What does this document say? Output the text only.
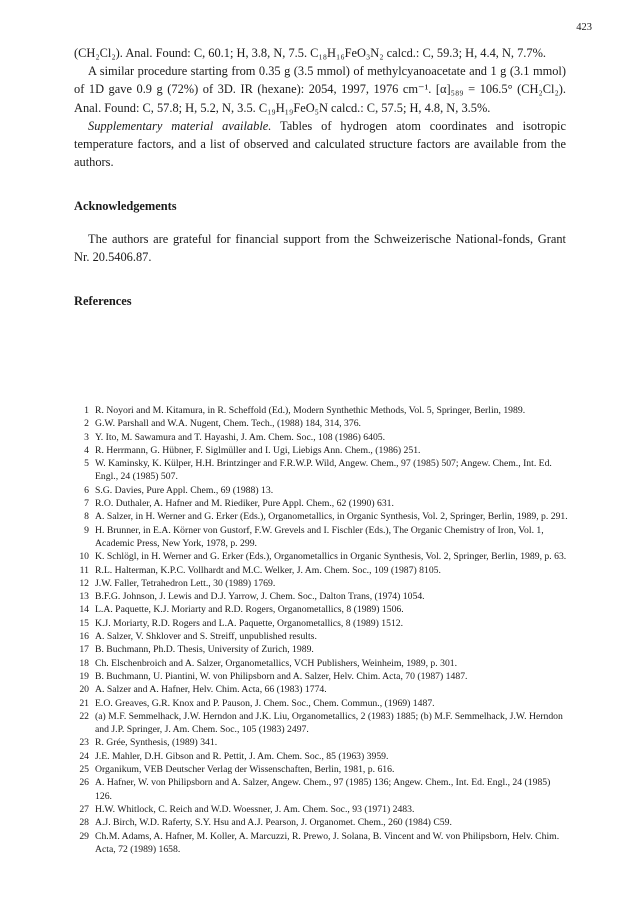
423

(CH₂Cl₂). Anal. Found: C, 60.1; H, 3.8, N, 7.5. C₁₈H₁₆FeO₃N₂ calcd.: C, 59.3; H, 4.4, N, 7.7%.

A similar procedure starting from 0.35 g (3.5 mmol) of methylcyanoacetate and 1 g (3.1 mmol) of 1D gave 0.9 g (72%) of 3D. IR (hexane): 2054, 1997, 1976 cm⁻¹. [α]₅₈₉ = 106.5° (CH₂Cl₂). Anal. Found: C, 57.8; H, 5.2, N, 3.5. C₁₉H₁₉FeO₅N calcd.: C, 57.5; H, 4.8, N, 3.5%.

Supplementary material available. Tables of hydrogen atom coordinates and isotropic temperature factors, and a list of observed and calculated structure factors are available from the authors.

Acknowledgements

The authors are grateful for financial support from the Schweizerische National-fonds, Grant Nr. 20.5406.87.

References

1 R. Noyori and M. Kitamura, in R. Scheffold (Ed.), Modern Synthethic Methods, Vol. 5, Springer, Berlin, 1989.
2 G.W. Parshall and W.A. Nugent, Chem. Tech., (1988) 184, 314, 376.
3 Y. Ito, M. Sawamura and T. Hayashi, J. Am. Chem. Soc., 108 (1986) 6405.
4 R. Herrmann, G. Hübner, F. Siglmüller and I. Ugi, Liebigs Ann. Chem., (1986) 251.
5 W. Kaminsky, K. Külper, H.H. Brintzinger and F.R.W.P. Wild, Angew. Chem., 97 (1985) 507; Angew. Chem., Int. Ed. Engl., 24 (1985) 507.
6 S.G. Davies, Pure Appl. Chem., 69 (1988) 13.
7 R.O. Duthaler, A. Hafner and M. Riediker, Pure Appl. Chem., 62 (1990) 631.
8 A. Salzer, in H. Werner and G. Erker (Eds.), Organometallics, in Organic Synthesis, Vol. 2, Springer, Berlin, 1989, p. 291.
9 H. Brunner, in E.A. Körner von Gustorf, F.W. Grevels and I. Fischler (Eds.), The Organic Chemistry of Iron, Vol. 1, Academic Press, New York, 1978, p. 299.
10 K. Schlögl, in H. Werner and G. Erker (Eds.), Organometallics in Organic Synthesis, Vol. 2, Springer, Berlin, 1989, p. 63.
11 R.L. Halterman, K.P.C. Vollhardt and M.C. Welker, J. Am. Chem. Soc., 109 (1987) 8105.
12 J.W. Faller, Tetrahedron Lett., 30 (1989) 1769.
13 B.F.G. Johnson, J. Lewis and D.J. Yarrow, J. Chem. Soc., Dalton Trans, (1974) 1054.
14 L.A. Paquette, K.J. Moriarty and R.D. Rogers, Organometallics, 8 (1989) 1506.
15 K.J. Moriarty, R.D. Rogers and L.A. Paquette, Organometallics, 8 (1989) 1512.
16 A. Salzer, V. Shklover and S. Streiff, unpublished results.
17 B. Buchmann, Ph.D. Thesis, University of Zurich, 1989.
18 Ch. Elschenbroich and A. Salzer, Organometallics, VCH Publishers, Weinheim, 1989, p. 301.
19 B. Buchmann, U. Piantini, W. von Philipsborn and A. Salzer, Helv. Chim. Acta, 70 (1987) 1487.
20 A. Salzer and A. Hafner, Helv. Chim. Acta, 66 (1983) 1774.
21 E.O. Greaves, G.R. Knox and P. Pauson, J. Chem. Soc., Chem. Commun., (1969) 1487.
22 (a) M.F. Semmelhack, J.W. Herndon and J.K. Liu, Organometallics, 2 (1983) 1885; (b) M.F. Semmelhack, J.W. Herndon and J.P. Springer, J. Am. Chem. Soc., 105 (1983) 2497.
23 R. Grée, Synthesis, (1989) 341.
24 J.E. Mahler, D.H. Gibson and R. Pettit, J. Am. Chem. Soc., 85 (1963) 3959.
25 Organikum, VEB Deutscher Verlag der Wissenschaften, Berlin, 1981, p. 616.
26 A. Hafner, W. von Philipsborn and A. Salzer, Angew. Chem., 97 (1985) 136; Angew. Chem., Int. Ed. Engl., 24 (1985) 126.
27 H.W. Whitlock, C. Reich and W.D. Woessner, J. Am. Chem. Soc., 93 (1971) 2483.
28 A.J. Birch, W.D. Raferty, S.Y. Hsu and A.J. Pearson, J. Organomet. Chem., 260 (1984) C59.
29 Ch.M. Adams, A. Hafner, M. Koller, A. Marcuzzi, R. Prewo, J. Solana, B. Vincent and W. von Philipsborn, Helv. Chim. Acta, 72 (1989) 1658.
